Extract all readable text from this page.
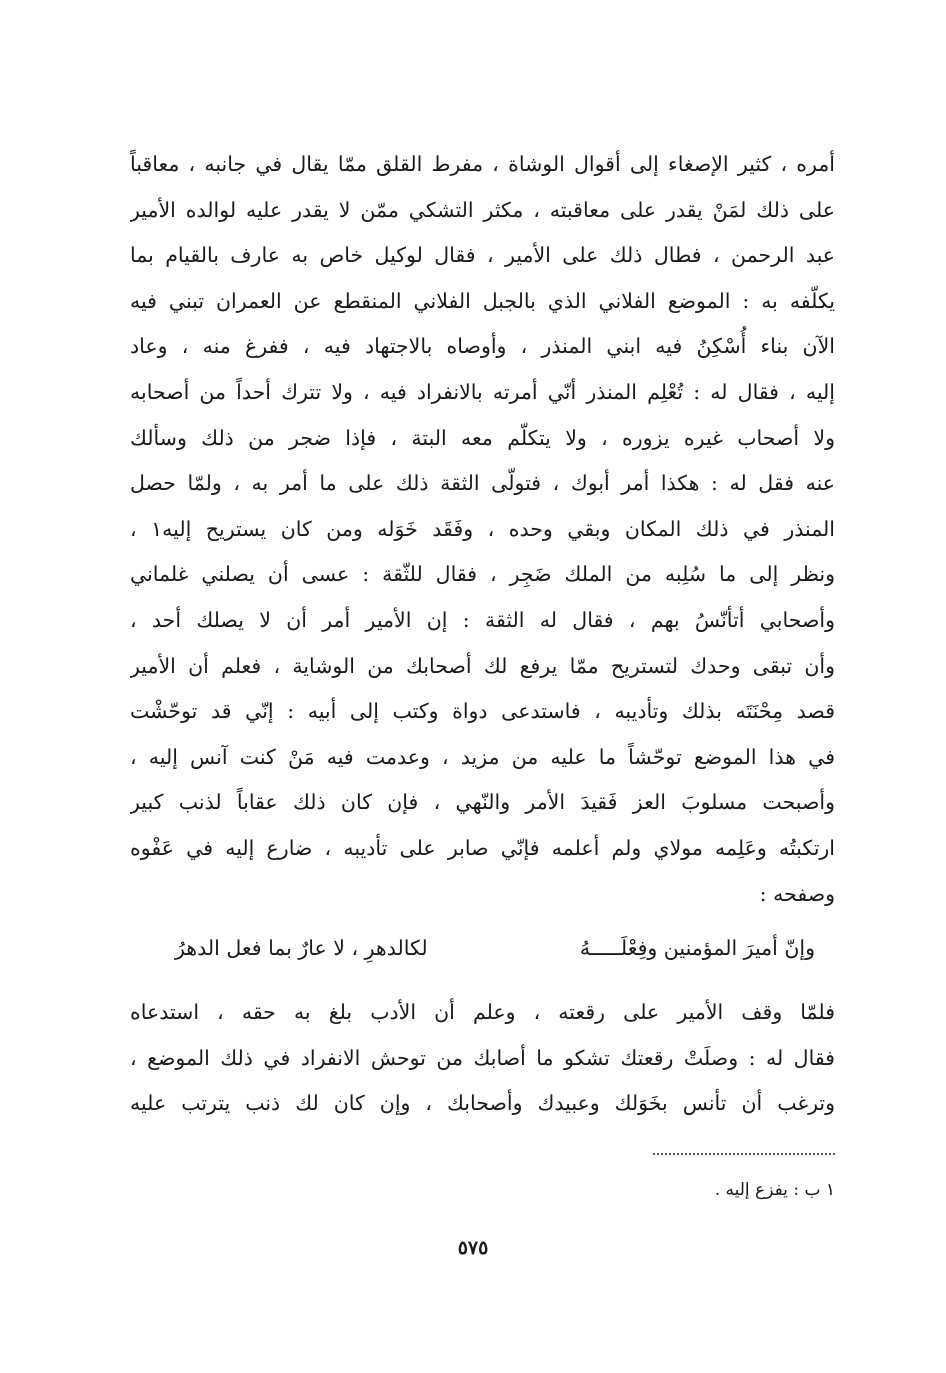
أمره ، كثير الإصغاء إلى أقوال الوشاة ، مفرط القلق ممّا يقال في جانبه ، معاقباً
على ذلك لمَنْ يقدر على معاقبته ، مكثر التشكي ممّن لا يقدر عليه لوالده الأمير
عبد الرحمن ، فطال ذلك على الأمير ، فقال لوكيل خاص به عارف بالقيام بما
يكلّفه به : الموضع الفلاني الذي بالجبل الفلاني المنقطع عن العمران تبني فيه
الآن بناء أُسْكِنُ فيه ابني المنذر ، وأوصاه بالاجتهاد فيه ، ففرغ منه ، وعاد
إليه ، فقال له : تُعْلِم المنذر أنّي أمرته بالانفراد فيه ، ولا تترك أحداً من أصحابه
ولا أصحاب غيره يزوره ، ولا يتكلّم معه البتة ، فإذا ضجر من ذلك وسألك
عنه فقل له : هكذا أمر أبوك ، فتولّى الثقة ذلك على ما أمر به ، ولمّا حصل
المنذر في ذلك المكان وبقي وحده ، وفَقَد خَوَله ومن كان يستريح إليه١ ،
ونظر إلى ما سُلِبه من الملك ضَجِر ، فقال للثّقة : عسى أن يصلني غلماني
وأصحابي أتأنّسُ بهم ، فقال له الثقة : إن الأمير أمر أن لا يصلك أحد ،
وأن تبقى وحدك لتستريح ممّا يرفع لك أصحابك من الوشاية ، فعلم أن الأمير
قصد مِحْنَتَه بذلك وتأديبه ، فاستدعى دواة وكتب إلى أبيه : إنّي قد توحّشْت
في هذا الموضع توحّشاً ما عليه من مزيد ، وعدمت فيه مَنْ كنت آنس إليه ،
وأصبحت مسلوبَ العز فَقيدَ الأمر والنّهي ، فإن كان ذلك عقاباً لذنب كبير
ارتكبتُه وعَلِمه مولاي ولم أعلمه فإنّي صابر على تأديبه ، ضارع إليه في عَفْوه
وصفحه :
وإنّ أميرَ المؤمنين وفِعْلَـــــهُ
لكالدهرِ ، لا عارٌ بما فعل الدهرُ
فلمّا وقف الأمير على رقعته ، وعلم أن الأدب بلغ به حقه ، استدعاه
فقال له : وصلَتْ رقعتك تشكو ما أصابك من توحش الانفراد في ذلك الموضع ،
وترغب أن تأنس بخَوَلك وعبيدك وأصحابك ، وإن كان لك ذنب يترتب عليه
١ ب : يفزع إليه .
٥٧٥
